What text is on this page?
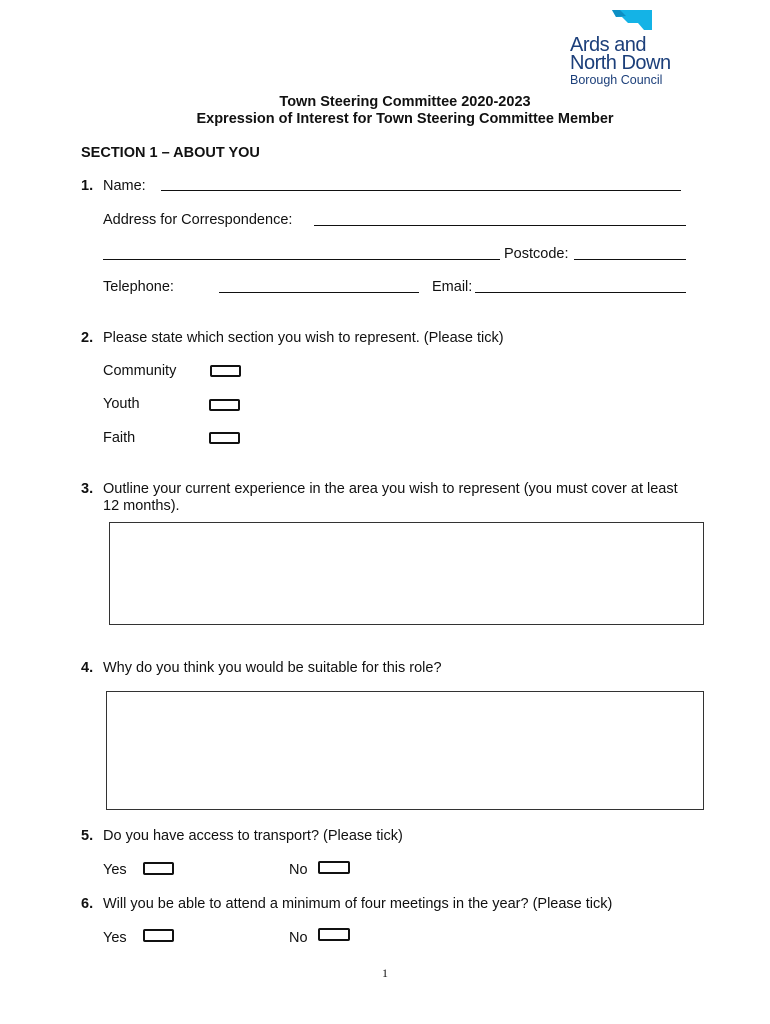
Ards and
North Down
Borough Council
Town Steering Committee 2020-2023
Expression of Interest for Town Steering Committee Member
SECTION 1 – ABOUT YOU
1. Name:
Address for Correspondence:
Postcode:
Telephone:	Email:
2. Please state which section you wish to represent. (Please tick)
Community
Youth
Faith
3. Outline your current experience in the area you wish to represent (you must cover at least
12 months).
4. Why do you think you would be suitable for this role?
5. Do you have access to transport? (Please tick)
Yes	No
6. Will you be able to attend a minimum of four meetings in the year? (Please tick)
Yes	No
1
